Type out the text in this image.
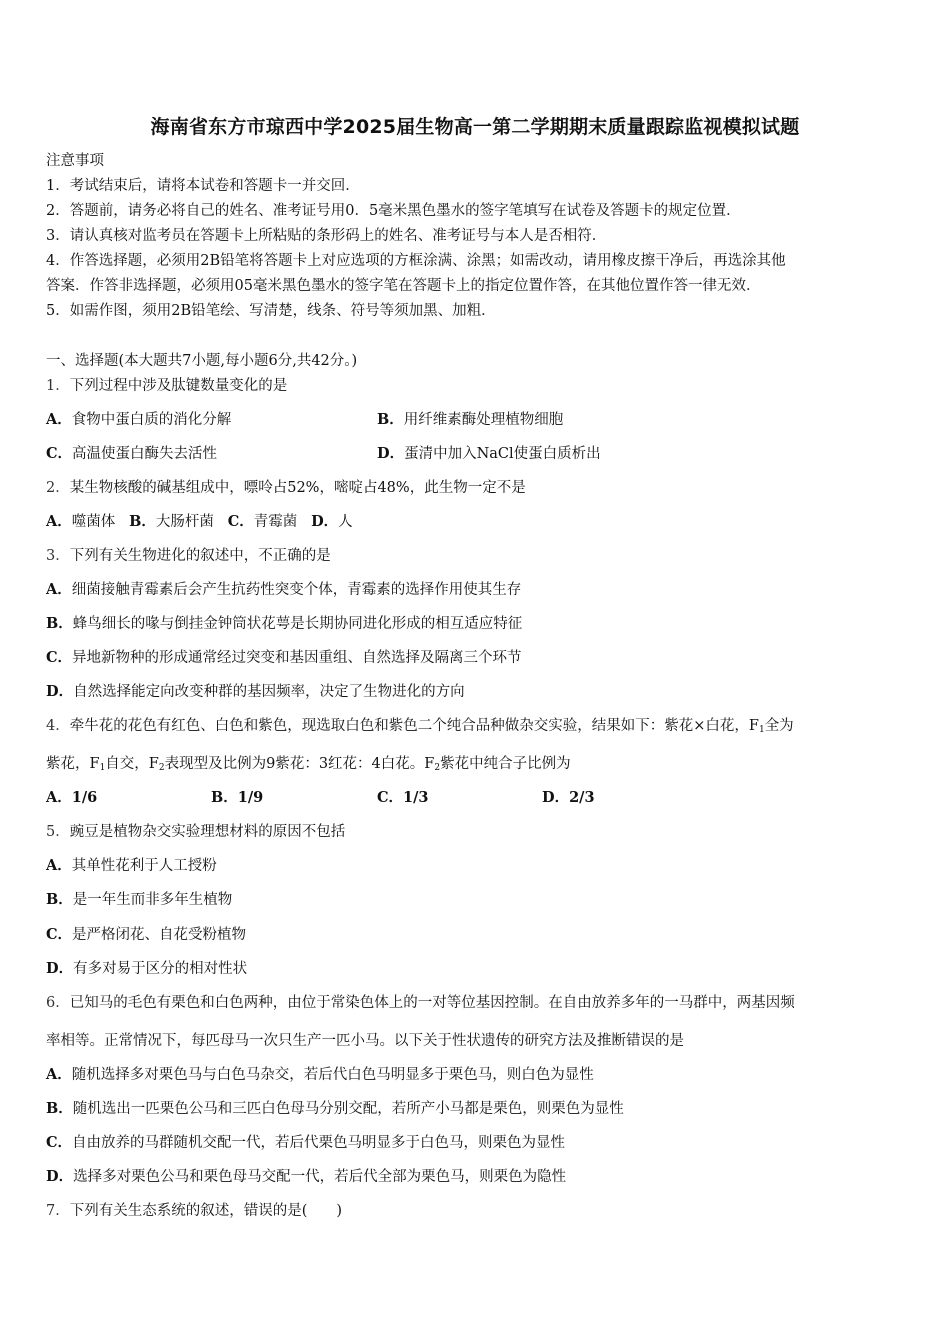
海南省东方市琼西中学2025届生物高一第二学期期末质量跟踪监视模拟试题
注意事项
1．考试结束后，请将本试卷和答题卡一并交回．
2．答题前，请务必将自己的姓名、准考证号用0．5毫米黑色墨水的签字笔填写在试卷及答题卡的规定位置．
3．请认真核对监考员在答题卡上所粘贴的条形码上的姓名、准考证号与本人是否相符．
4．作答选择题，必须用2B铅笔将答题卡上对应选项的方框涂满、涂黑；如需改动，请用橡皮擦干净后，再选涂其他
答案．作答非选择题，必须用05毫米黑色墨水的签字笔在答题卡上的指定位置作答，在其他位置作答一律无效．
5．如需作图，须用2B铅笔绘、写清楚，线条、符号等须加黑、加粗．
一、选择题(本大题共7小题,每小题6分,共42分。)
1．下列过程中涉及肽键数量变化的是
A．食物中蛋白质的消化分解	B．用纤维素酶处理植物细胞
C．高温使蛋白酶失去活性	D．蛋清中加入NaCl使蛋白质析出
2．某生物核酸的碱基组成中，嘌呤占52%，嘧啶占48%，此生物一定不是
A．噬菌体 B．大肠杆菌 C．青霉菌 D．人
3．下列有关生物进化的叙述中，不正确的是
A．细菌接触青霉素后会产生抗药性突变个体，青霉素的选择作用使其生存
B．蜂鸟细长的喙与倒挂金钟筒状花萼是长期协同进化形成的相互适应特征
C．异地新物种的形成通常经过突变和基因重组、自然选择及隔离三个环节
D．自然选择能定向改变种群的基因频率，决定了生物进化的方向
4．牵牛花的花色有红色、白色和紫色，现选取白色和紫色二个纯合品种做杂交实验，结果如下：紫花×白花，$F_1$全为
紫花，$F_1$自交，$F_2$表现型及比例为9紫花：3红花：4白花。$F_2$紫花中纯合子比例为
A．1/6	B．1/9	C．1/3	D．2/3
5．豌豆是植物杂交实验理想材料的原因不包括
A．其单性花利于人工授粉
B．是一年生而非多年生植物
C．是严格闭花、自花受粉植物
D．有多对易于区分的相对性状
6．已知马的毛色有栗色和白色两种，由位于常染色体上的一对等位基因控制。在自由放养多年的一马群中，两基因频
率相等。正常情况下，每匹母马一次只生产一匹小马。以下关于性状遗传的研究方法及推断错误的是
A．随机选择多对栗色马与白色马杂交，若后代白色马明显多于栗色马，则白色为显性
B．随机选出一匹栗色公马和三匹白色母马分别交配，若所产小马都是栗色，则栗色为显性
C．自由放养的马群随机交配一代，若后代栗色马明显多于白色马，则栗色为显性
D．选择多对栗色公马和栗色母马交配一代，若后代全部为栗色马，则栗色为隐性
7．下列有关生态系统的叙述，错误的是(　　)
